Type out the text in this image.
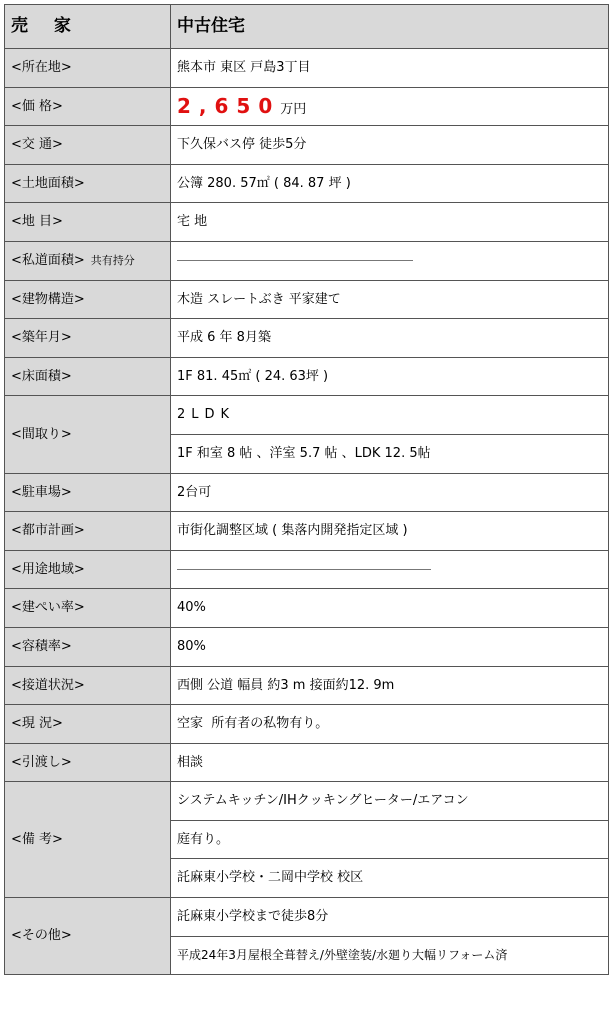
売 家	中古住宅
<所在地>	熊本市 東区 戸島3丁目
<価 格>	2,650万円
<交 通>	下久保バス停 徒歩5分
<土地面積>	公簿 280. 57㎡ ( 84. 87 坪 )
<地 目>	宅 地
<私道面積> 共有持分	
<建物構造>	木造 スレートぶき 平家建て
<築年月>	平成 6 年 8月築
<床面積>	1F 81. 45㎡ ( 24. 63坪 )
<間取り>	2LDK
	1F 和室 8 帖 、洋室 5.7 帖 、LDK 12. 5帖
<駐車場>	2台可
<都市計画>	市街化調整区域 ( 集落内開発指定区域 )
<用途地域>	
<建ぺい率>	40%
<容積率>	80%
<接道状況>	西側 公道 幅員 約3 m 接面約12. 9m
<現 況>	空家  所有者の私物有り。
<引渡し>	相談
<備 考>	システムキッチン/IHクッキングヒーター/エアコン
	庭有り。
	託麻東小学校・二岡中学校 校区
<その他>	託麻東小学校まで徒歩8分
	平成24年3月屋根全葺替え/外壁塗装/水廻り大幅リフォーム済
